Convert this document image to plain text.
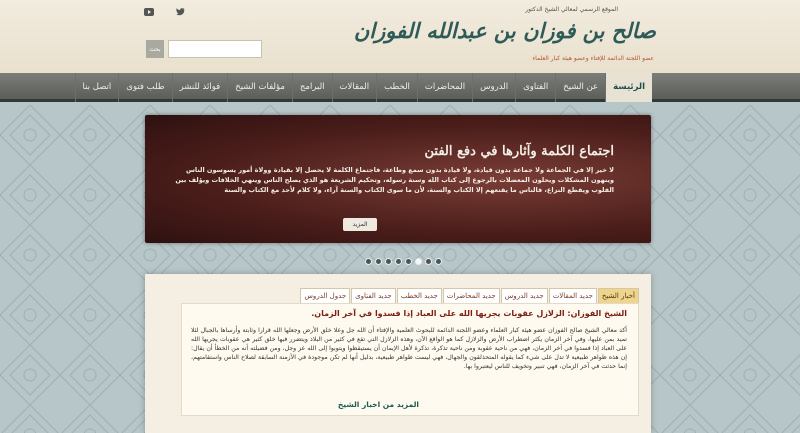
الموقع الرسمي لمعالي الشيخ الدكتور
صالح بن فوزان بن عبدالله الفوزان
عضو اللجنة الدائمة للإفتاء وعضو هيئة كبار العلماء
بحث
الرئيسة
عن الشيخ
الفتاوى
الدروس
المحاضرات
الخطب
المقالات
البرامج
مؤلفات الشيخ
فوائد للنشر
طلب فتوى
اتصل بنا
اجتماع الكلمة وآثارها في دفع الفتن
لا خير إلا في الجماعة ولا جماعة بدون قيادة، ولا قيادة بدون سمع وطاعة، فاجتماع الكلمة لا يحصل إلا بقيادة وولاة أمور يسوسون الناس وينهون المشكلات ويحلون المعضلات بالرجوع إلى كتاب الله وسنة رسوله، وتحكيم الشريعة هو الذي يصلح الناس وينهي الخلافات ويؤلف بين القلوب ويقطع النزاع، فالناس ما يقنعهم إلا الكتاب والسنة، لأن ما سوى الكتاب والسنة آراء، ولا كلام لأحد مع الكتاب والسنة
المزيد
أخبار الشيخ
جديد المقالات
جديد الدروس
جديد المحاضرات
جديد الخطب
جديد الفتاوى
جدول الدروس
الشيخ الفوزان: الزلازل عقوبات يجريها الله على العباد إذا فسدوا في آخر الزمان.
أكد معالي الشيخ صالح الفوزان عضو هيئة كبار العلماء وعضو اللجنة الدائمة للبحوث العلمية والإفتاء أن الله جل وعلا خلق الأرض وجعلها الله قرارا وثابتة وأرساها بالجبال لئلا تميد بمن عليها، وفي آخر الزمان يكثر اضطراب الأرض والزلازل كما هو الواقع الآن، وهذه الزلازل التي تقع في كثير من البلاد ويتضرر فيها خلق كثير هي عقوبات يجريها الله على العباد إذا فسدوا في آخر الزمان، فهي من ناحية عقوبة ومن ناحية تذكرة، تذكرة لأهل الإيمان أن يستيقظوا ويتوبوا إلى الله عز وجل، ومن فضيلته أنه من الخطأ أن يقال: إن هذه ظواهر طبيعية لا تدل على شيء كما يقوله المتحذلقون والجهال، فهي ليست ظواهر طبيعية، بدليل أنها لم تكن موجودة في الأزمنة السابقة لصلاح الناس واستقامتهم، إنما حدثت في آخر الزمان، فهي تنبير وتخويف للناس ليعتبروا بها.
المزيد من اخبار الشيخ
